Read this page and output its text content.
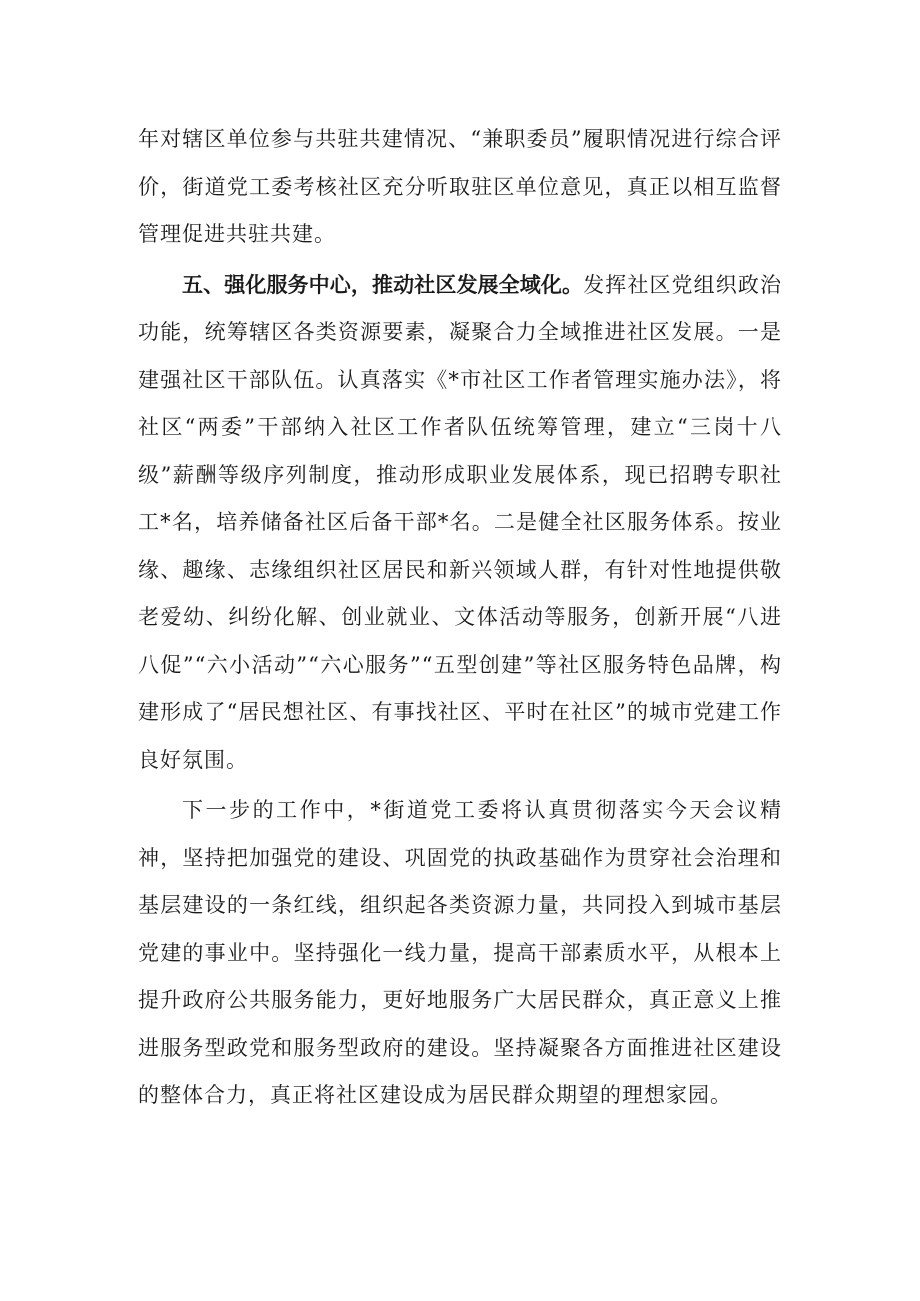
年对辖区单位参与共驻共建情况、“兼职委员”履职情况进行综合评价，街道党工委考核社区充分听取驻区单位意见，真正以相互监督管理促进共驻共建。

五、强化服务中心，推动社区发展全域化。发挥社区党组织政治功能，统筹辖区各类资源要素，凝聚合力全域推进社区发展。一是建强社区干部队伍。认真落实《*市社区工作者管理实施办法》，将社区“两委”干部纳入社区工作者队伍统筹管理，建立“三岗十八级”薪酬等级序列制度，推动形成职业发展体系，现已招聘专职社工*名，培养储备社区后备干部*名。二是健全社区服务体系。按业缘、趣缘、志缘组织社区居民和新兴领域人群，有针对性地提供敬老爱幼、纠纷化解、创业就业、文体活动等服务，创新开展“八进八促”“六小活动”“六心服务”“五型创建”等社区服务特色品牌，构建形成了“居民想社区、有事找社区、平时在社区”的城市党建工作良好氛围。

下一步的工作中，*街道党工委将认真贯彻落实今天会议精神，坚持把加强党的建设、巩固党的执政基础作为贯穿社会治理和基层建设的一条红线，组织起各类资源力量，共同投入到城市基层党建的事业中。坚持强化一线力量，提高干部素质水平，从根本上提升政府公共服务能力，更好地服务广大居民群众，真正意义上推进服务型政党和服务型政府的建设。坚持凝聚各方面推进社区建设的整体合力，真正将社区建设成为居民群众期望的理想家园。
